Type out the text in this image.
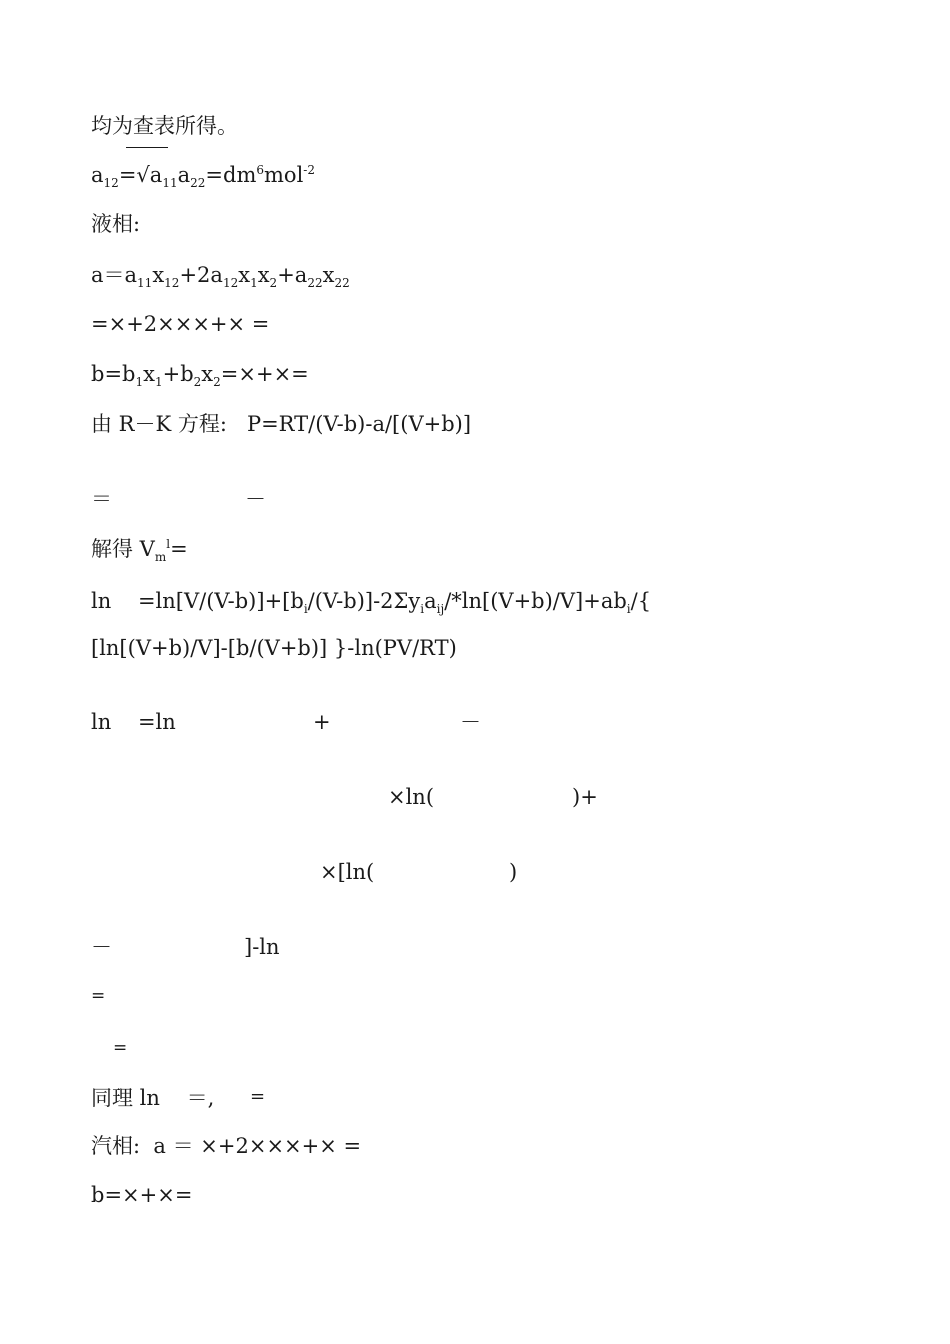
均为查表所得。
$a_{12}=√a_{11}a_{22}=dm^6mol^{-2}$
液相:
$a=a_{11}x_{12}+2a_{12}x_1x_2+a_{22}x_{22}$
=×+2×××+× =
$b=b_1x_1+b_2x_2=\times+\times=$
由 R－K 方程:   P=RT/(V-b)-a/[(V+b)]
＝	－
解得 $V_m^l=$
ln    $=\ln[V/(V-b)]+[b_i/(V-b)]-2\Sigma y_ia_{ij}/*\ln[(V+b)/V]+ab_i/${
[ln[(V+b)/V]-[b/(V+b)] }-ln(PV/RT)
ln    =ln	+	－
×ln(	)+
×[ln(	)
－	]-ln
=
=
同理 ln    ＝, =
汽相:  a ＝ ×+2×××+× =
b=×+×=
